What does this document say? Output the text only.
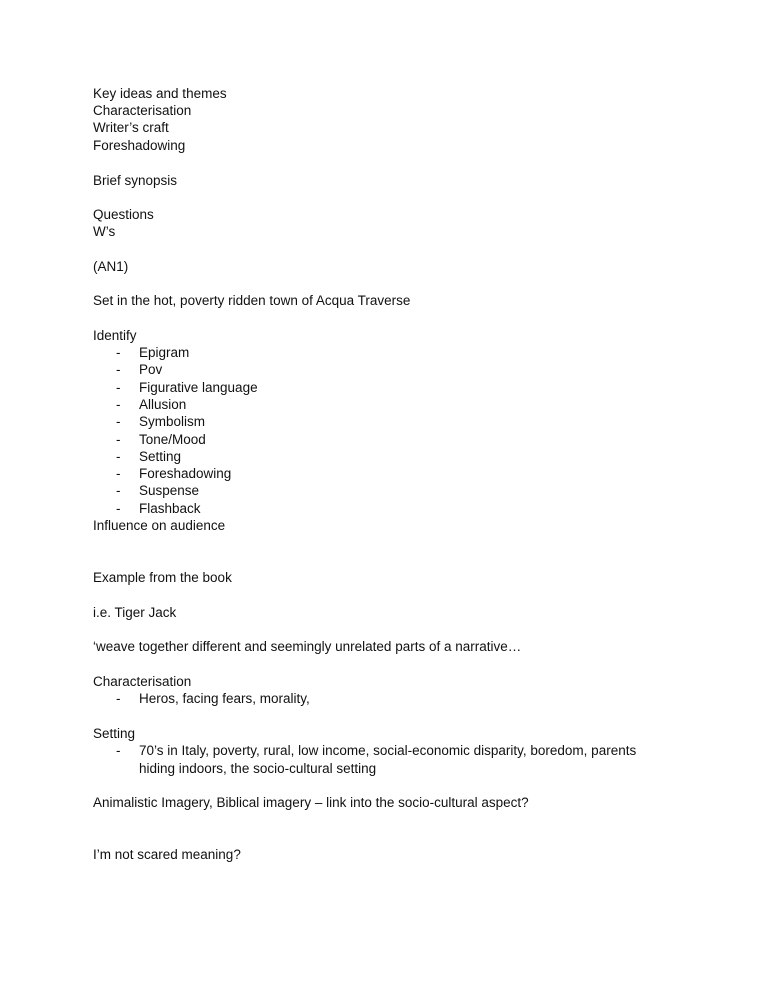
Key ideas and themes
Characterisation
Writer’s craft
Foreshadowing
Brief synopsis
Questions
W’s
(AN1)
Set in the hot, poverty ridden town of Acqua Traverse
Identify
- Epigram
- Pov
- Figurative language
- Allusion
- Symbolism
- Tone/Mood
- Setting
- Foreshadowing
- Suspense
- Flashback
Influence on audience
Example from the book
i.e. Tiger Jack
‘weave together different and seemingly unrelated parts of a narrative…
Characterisation
- Heros, facing fears, morality,
Setting
- 70’s in Italy, poverty, rural, low income, social-economic disparity, boredom, parents
hiding indoors, the socio-cultural setting
Animalistic Imagery, Biblical imagery – link into the socio-cultural aspect?
I’m not scared meaning?
